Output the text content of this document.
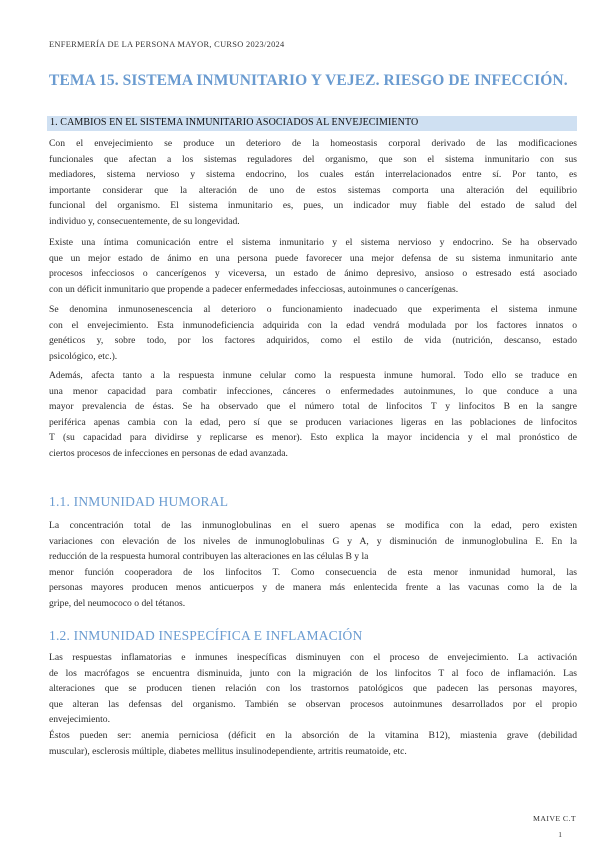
ENFERMERÍA DE LA PERSONA MAYOR, CURSO 2023/2024
TEMA 15. SISTEMA INMUNITARIO Y VEJEZ. RIESGO DE INFECCIÓN.
1. CAMBIOS EN EL SISTEMA INMUNITARIO ASOCIADOS AL ENVEJECIMIENTO
Con el envejecimiento se produce un deterioro de la homeostasis corporal derivado de las modificaciones
funcionales que afectan a los sistemas reguladores del organismo, que son el sistema inmunitario con sus
mediadores, sistema nervioso y sistema endocrino, los cuales están interrelacionados entre sí. Por tanto, es
importante considerar que la alteración de uno de estos sistemas comporta una alteración del equilibrio
funcional del organismo. El sistema inmunitario es, pues, un indicador muy fiable del estado de salud del
individuo y, consecuentemente, de su longevidad.
Existe una íntima comunicación entre el sistema inmunitario y el sistema nervioso y endocrino. Se ha observado
que un mejor estado de ánimo en una persona puede favorecer una mejor defensa de su sistema inmunitario ante
procesos infecciosos o cancerígenos y viceversa, un estado de ánimo depresivo, ansioso o estresado está asociado
con un déficit inmunitario que propende a padecer enfermedades infecciosas, autoinmunes o cancerígenas.
Se denomina inmunosenescencia al deterioro o funcionamiento inadecuado que experimenta el sistema inmune
con el envejecimiento. Esta inmunodeficiencia adquirida con la edad vendrá modulada por los factores innatos o
genéticos y, sobre todo, por los factores adquiridos, como el estilo de vida (nutrición, descanso, estado
psicológico, etc.).
Además, afecta tanto a la respuesta inmune celular como la respuesta inmune humoral. Todo ello se traduce en
una menor capacidad para combatir infecciones, cánceres o enfermedades autoinmunes, lo que conduce a una
mayor prevalencia de éstas. Se ha observado que el número total de linfocitos T y linfocitos B en la sangre
periférica apenas cambia con la edad, pero sí que se producen variaciones ligeras en las poblaciones de linfocitos
T (su capacidad para dividirse y replicarse es menor). Esto explica la mayor incidencia y el mal pronóstico de
ciertos procesos de infecciones en personas de edad avanzada.
1.1. INMUNIDAD HUMORAL
La concentración total de las inmunoglobulinas en el suero apenas se modifica con la edad, pero existen
variaciones con elevación de los niveles de inmunoglobulinas G y A, y disminución de inmunoglobulina E. En la
reducción de la respuesta humoral contribuyen las alteraciones en las células B y la
menor función cooperadora de los linfocitos T. Como consecuencia de esta menor inmunidad humoral, las
personas mayores producen menos anticuerpos y de manera más enlentecida frente a las vacunas como la de la
gripe, del neumococo o del tétanos.
1.2. INMUNIDAD INESPECÍFICA E INFLAMACIÓN
Las respuestas inflamatorias e inmunes inespecíficas disminuyen con el proceso de envejecimiento. La activación
de los macrófagos se encuentra disminuida, junto con la migración de los linfocitos T al foco de inflamación. Las
alteraciones que se producen tienen relación con los trastornos patológicos que padecen las personas mayores,
que alteran las defensas del organismo. También se observan procesos autoinmunes desarrollados por el propio
envejecimiento.
Éstos pueden ser: anemia perniciosa (déficit en la absorción de la vitamina B12), miastenia grave (debilidad
muscular), esclerosis múltiple, diabetes mellitus insulinodependiente, artritis reumatoide, etc.
MAIVE C.T
1
